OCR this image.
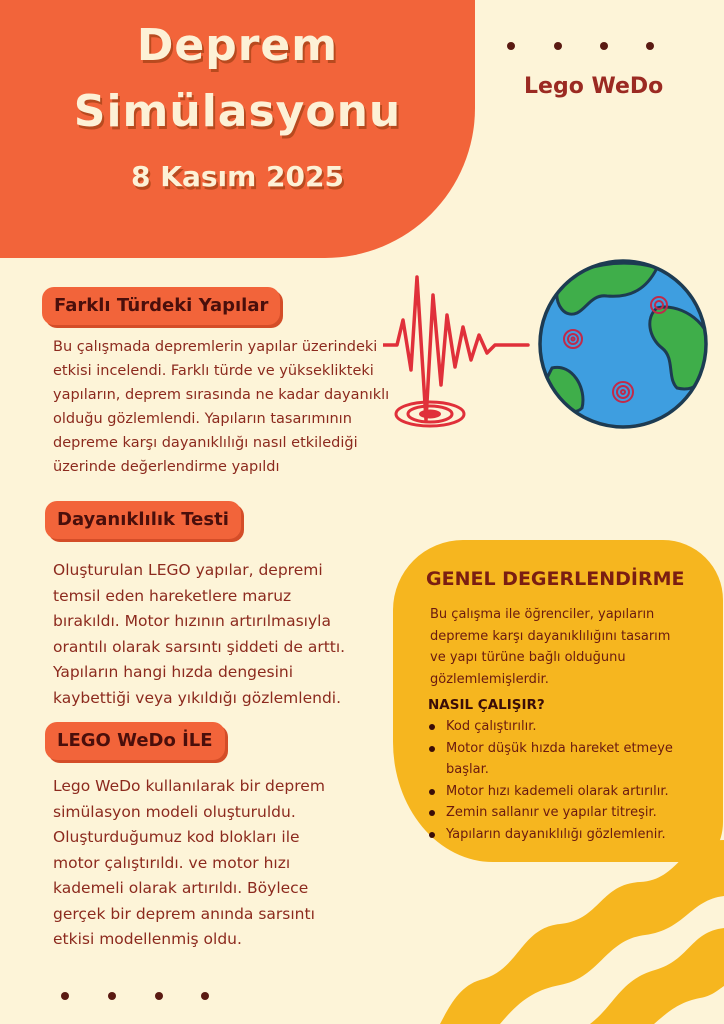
Deprem
Simülasyonu
8 Kasım 2025
Lego WeDo
Farklı Türdeki Yapılar
Bu çalışmada depremlerin yapılar üzerindeki
etkisi incelendi. Farklı türde ve yükseklikteki
yapıların, deprem sırasında ne kadar dayanıklı
olduğu gözlemlendi. Yapıların tasarımının
depreme karşı dayanıklılığı nasıl etkilediği
üzerinde değerlendirme yapıldı
Dayanıklılık Testi
Oluşturulan LEGO yapılar, depremi
temsil eden hareketlere maruz
bırakıldı. Motor hızının artırılmasıyla
orantılı olarak sarsıntı şiddeti de arttı.
Yapıların hangi hızda dengesini
kaybettiği veya yıkıldığı gözlemlendi.
LEGO WeDo İLE
Lego WeDo kullanılarak bir deprem
simülasyon modeli oluşturuldu.
Oluşturduğumuz kod blokları ile
motor çalıştırıldı. ve motor hızı
kademeli olarak artırıldı. Böylece
gerçek bir deprem anında sarsıntı
etkisi modellenmiş oldu.
GENEL DEGERLENDİRME
Bu çalışma ile öğrenciler, yapıların
depreme karşı dayanıklılığını tasarım
ve yapı türüne bağlı olduğunu
gözlemlemişlerdir.
NASIL ÇALIŞIR?
Kod çalıştırılır.
Motor düşük hızda hareket etmeye
başlar.
Motor hızı kademeli olarak artırılır.
Zemin sallanır ve yapılar titreşir.
Yapıların dayanıklılığı gözlemlenir.
